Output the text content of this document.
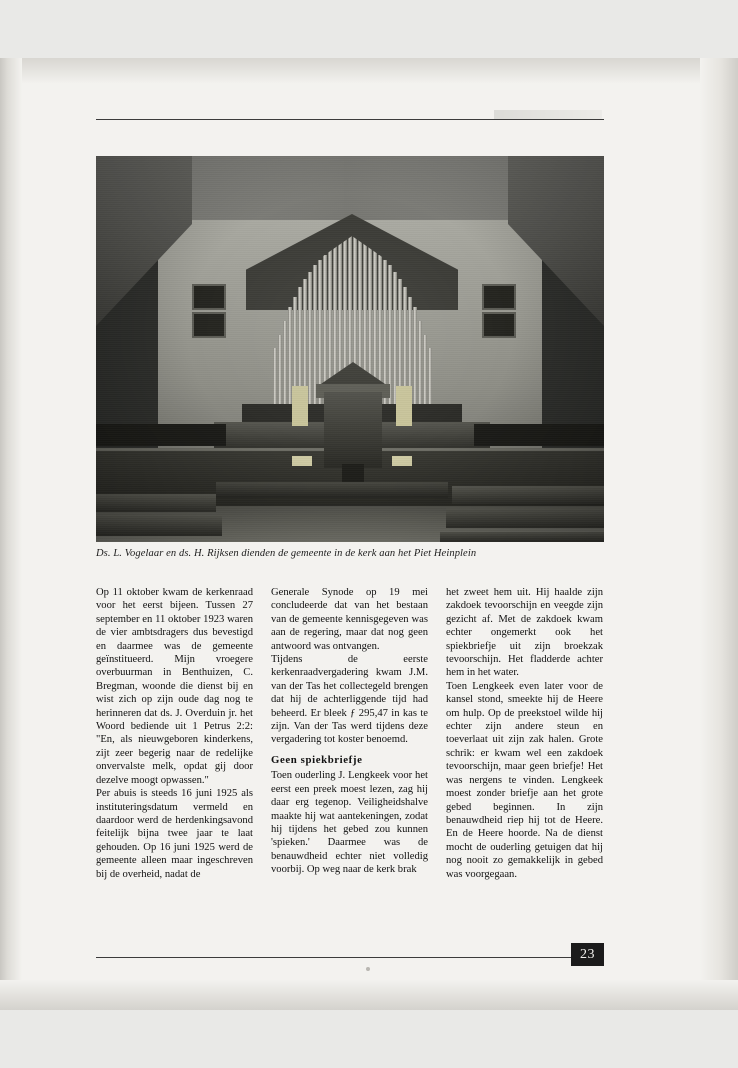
Ds. L. Vogelaar en ds. H. Rijksen dienden de gemeente in de kerk aan het Piet Heinplein

Op 11 oktober kwam de kerkenraad voor het eerst bijeen. Tussen 27 september en 11 oktober 1923 waren de vier ambtsdragers dus bevestigd en daarmee was de gemeente geïnstitueerd. Mijn vroegere overbuurman in Benthuizen, C. Bregman, woonde die dienst bij en wist zich op zijn oude dag nog te herinneren dat ds. J. Overduin jr. het Woord bediende uit 1 Petrus 2:2: "En, als nieuwgeboren kinderkens, zijt zeer begerig naar de redelijke onvervalste melk, opdat gij door dezelve moogt opwassen."

Per abuis is steeds 16 juni 1925 als instituteringsdatum vermeld en daardoor werd de herdenkingsavond feitelijk bijna twee jaar te laat gehouden. Op 16 juni 1925 werd de gemeente alleen maar ingeschreven bij de overheid, nadat de

Generale Synode op 19 mei concludeerde dat van het bestaan van de gemeente kennisgegeven was aan de regering, maar dat nog geen antwoord was ontvangen.

Tijdens de eerste kerkenraadvergadering kwam J.M. van der Tas het collectegeld brengen dat hij de achterliggende tijd had beheerd. Er bleek ƒ 295,47 in kas te zijn. Van der Tas werd tijdens deze vergadering tot koster benoemd.

Geen spiekbriefje

Toen ouderling J. Lengkeek voor het eerst een preek moest lezen, zag hij daar erg tegenop. Veiligheidshalve maakte hij wat aantekeningen, zodat hij tijdens het gebed zou kunnen 'spieken.' Daarmee was de benauwdheid echter niet volledig voorbij. Op weg naar de kerk brak

het zweet hem uit. Hij haalde zijn zakdoek tevoorschijn en veegde zijn gezicht af. Met de zakdoek kwam echter ongemerkt ook het spiekbriefje uit zijn broekzak tevoorschijn. Het fladderde achter hem in het water.

Toen Lengkeek even later voor de kansel stond, smeekte hij de Heere om hulp. Op de preekstoel wilde hij echter zijn andere steun en toeverlaat uit zijn zak halen. Grote schrik: er kwam wel een zakdoek tevoorschijn, maar geen briefje! Het was nergens te vinden. Lengkeek moest zonder briefje aan het grote gebed beginnen. In zijn benauwdheid riep hij tot de Heere. En de Heere hoorde. Na de dienst mocht de ouderling getuigen dat hij nog nooit zo gemakkelijk in gebed was voorgegaan.

23
